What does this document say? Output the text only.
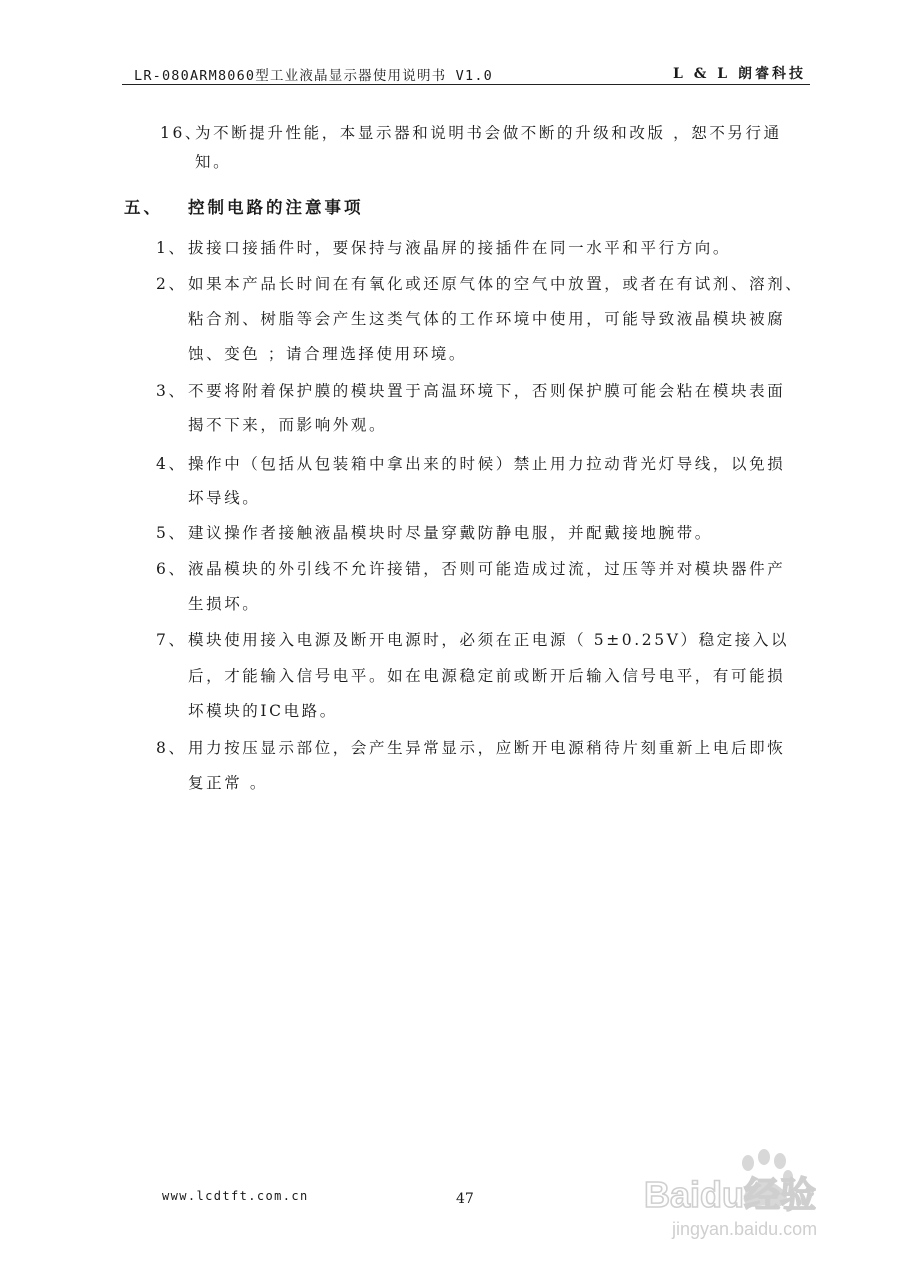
LR-080ARM8060型工业液晶显示器使用说明书 V1.0	L & L 朗睿科技
16、
为不断提升性能，本显示器和说明书会做不断的升级和改版 ，恕不另行通
知。
五、 控制电路的注意事项
1、 拔接口接插件时，要保持与液晶屏的接插件在同一水平和平行方向。
2、 如果本产品长时间在有氧化或还原气体的空气中放置，或者在有试剂、溶剂、
粘合剂、树脂等会产生这类气体的工作环境中使用，可能导致液晶模块被腐
蚀、变色 ；请合理选择使用环境。
3、 不要将附着保护膜的模块置于高温环境下，否则保护膜可能会粘在模块表面
揭不下来，而影响外观。
4、 操作中（包括从包装箱中拿出来的时候）禁止用力拉动背光灯导线，以免损
坏导线。
5、 建议操作者接触液晶模块时尽量穿戴防静电服，并配戴接地腕带。
6、 液晶模块的外引线不允许接错，否则可能造成过流，过压等并对模块器件产
生损坏。
7、 模块使用接入电源及断开电源时，必须在正电源（ 5±0.25V）稳定接入以
后，才能输入信号电平。如在电源稳定前或断开后输入信号电平，有可能损
坏模块的IC电路。
8、 用力按压显示部位，会产生异常显示，应断开电源稍待片刻重新上电后即恢
复正常 。
www.lcdtft.com.cn	47	Baidu经验
jingyan.baidu.com
